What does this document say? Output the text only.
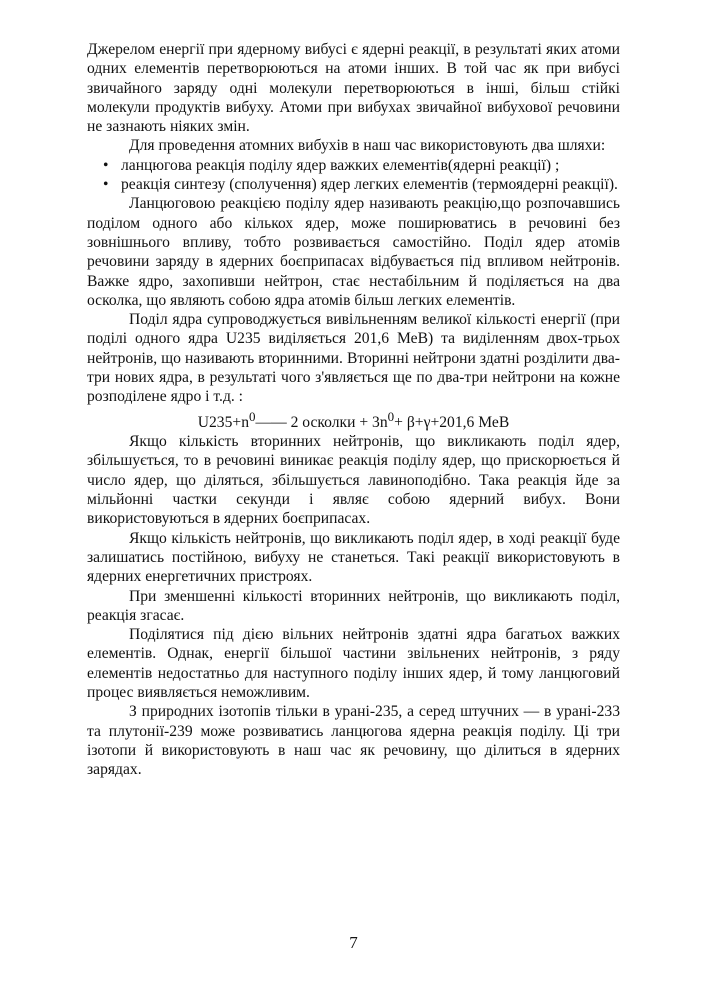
Джерелом енергії при ядерному вибусі є ядерні реакції, в результаті яких атоми одних елементів перетворюються на атоми інших. В той час як при вибусі звичайного заряду одні молекули перетворюються в інші, більш стійкі молекули продуктів вибуху. Атоми при вибухах звичайної вибухової речовини не зазнають ніяких змін.

Для проведення атомних вибухів в наш час використовують два шляхи:

• ланцюгова реакція поділу ядер важких елементів(ядерні реакції) ;
• реакція синтезу (сполучення) ядер легких елементів (термоядерні реакції).

Ланцюговою реакцією поділу ядер називають реакцію,що розпочавшись поділом одного або кількох ядер, може поширюватись в речовині без зовнішнього впливу, тобто розвивається самостійно. Поділ ядер атомів речовини заряду в ядерних боєприпасах відбувається під впливом нейтронів. Важке ядро, захопивши нейтрон, стає нестабільним й поділяється на два осколка, що являють собою ядра атомів більш легких елементів.

Поділ ядра супроводжується вивільненням великої кількості енергії (при поділі одного ядра U235 виділяється 201,6 МеВ) та виділенням двох-трьох нейтронів, що називають вторинними. Вторинні нейтрони здатні розділити два-три нових ядра, в результаті чого з'являється ще по два-три нейтрони на кожне розподілене ядро і т.д. :

$U235+n^0——$ 2 осколки + $3n^0+ \beta+\gamma+201,6$ МеВ

Якщо кількість вторинних нейтронів, що викликають поділ ядер, збільшується, то в речовині виникає реакція поділу ядер, що прискорюється й число ядер, що діляться, збільшується лавиноподібно. Така реакція йде за мільйонні частки секунди і являє собою ядерний вибух. Вони використовуються в ядерних боєприпасах.

Якщо кількість нейтронів, що викликають поділ ядер, в ході реакції буде залишатись постійною, вибуху не станеться. Такі реакції використовують в ядерних енергетичних пристроях.

При зменшенні кількості вторинних нейтронів, що викликають поділ, реакція згасає.

Поділятися під дією вільних нейтронів здатні ядра багатьох важких елементів. Однак, енергії більшої частини звільнених нейтронів, з ряду елементів недостатньо для наступного поділу інших ядер, й тому ланцюговий процес виявляється неможливим.

З природних ізотопів тільки в урані-235, а серед штучних — в урані-233 та плутонії-239 може розвиватись ланцюгова ядерна реакція поділу. Ці три ізотопи й використовують в наш час як речовину, що ділиться в ядерних зарядах.

7
